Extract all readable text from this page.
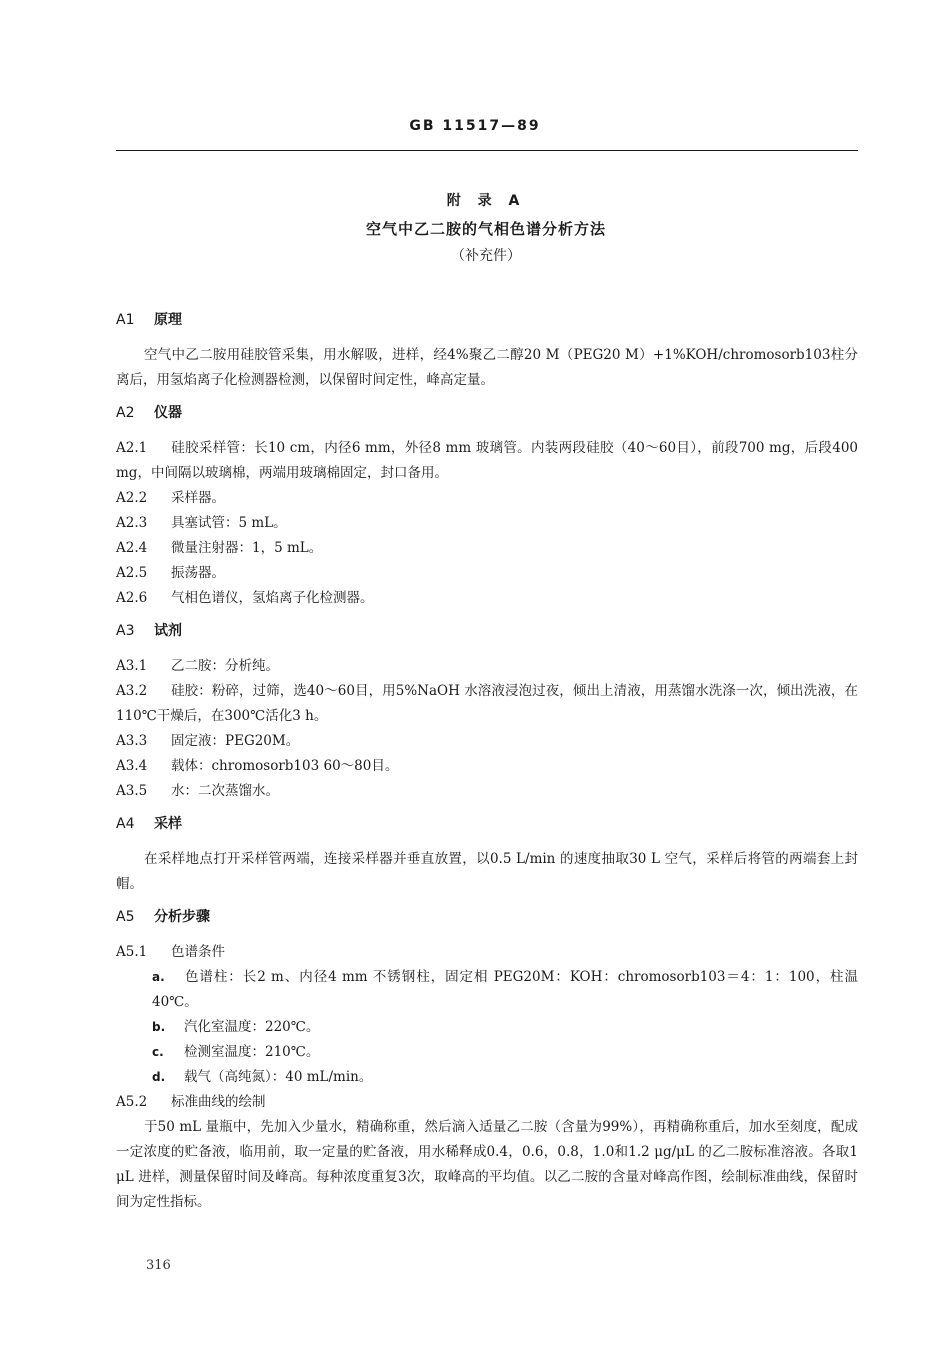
GB 11517—89
附 录 A
空气中乙二胺的气相色谱分析方法
（补充件）
A1 原理
空气中乙二胺用硅胶管采集，用水解吸，进样，经4%聚乙二醇20 M（PEG20 M）+1%KOH/chromosorb103柱分离后，用氢焰离子化检测器检测，以保留时间定性，峰高定量。
A2 仪器
A2.1 硅胶采样管：长10 cm，内径6 mm，外径8 mm 玻璃管。内装两段硅胶（40～60目），前段700 mg，后段400 mg，中间隔以玻璃棉，两端用玻璃棉固定，封口备用。
A2.2 采样器。
A2.3 具塞试管：5 mL。
A2.4 微量注射器：1，5 mL。
A2.5 振荡器。
A2.6 气相色谱仪，氢焰离子化检测器。
A3 试剂
A3.1 乙二胺：分析纯。
A3.2 硅胶：粉碎，过筛，选40～60目，用5%NaOH 水溶液浸泡过夜，倾出上清液，用蒸馏水洗涤一次，倾出洗液，在110℃干燥后，在300℃活化3 h。
A3.3 固定液：PEG20M。
A3.4 载体：chromosorb103 60～80目。
A3.5 水：二次蒸馏水。
A4 采样
在采样地点打开采样管两端，连接采样器并垂直放置，以0.5 L/min 的速度抽取30 L 空气，采样后将管的两端套上封帽。
A5 分析步骤
A5.1 色谱条件
a. 色谱柱：长2 m、内径4 mm 不锈钢柱，固定相 PEG20M：KOH：chromosorb103＝4：1：100，柱温40℃。
b. 汽化室温度：220℃。
c. 检测室温度：210℃。
d. 载气（高纯氮）：40 mL/min。
A5.2 标准曲线的绘制
于50 mL 量瓶中，先加入少量水，精确称重，然后滴入适量乙二胺（含量为99%），再精确称重后，加水至刻度，配成一定浓度的贮备液，临用前，取一定量的贮备液，用水稀释成0.4，0.6，0.8，1.0和1.2 μg/μL 的乙二胺标准溶液。各取1 μL 进样，测量保留时间及峰高。每种浓度重复3次，取峰高的平均值。以乙二胺的含量对峰高作图，绘制标准曲线，保留时间为定性指标。
316
